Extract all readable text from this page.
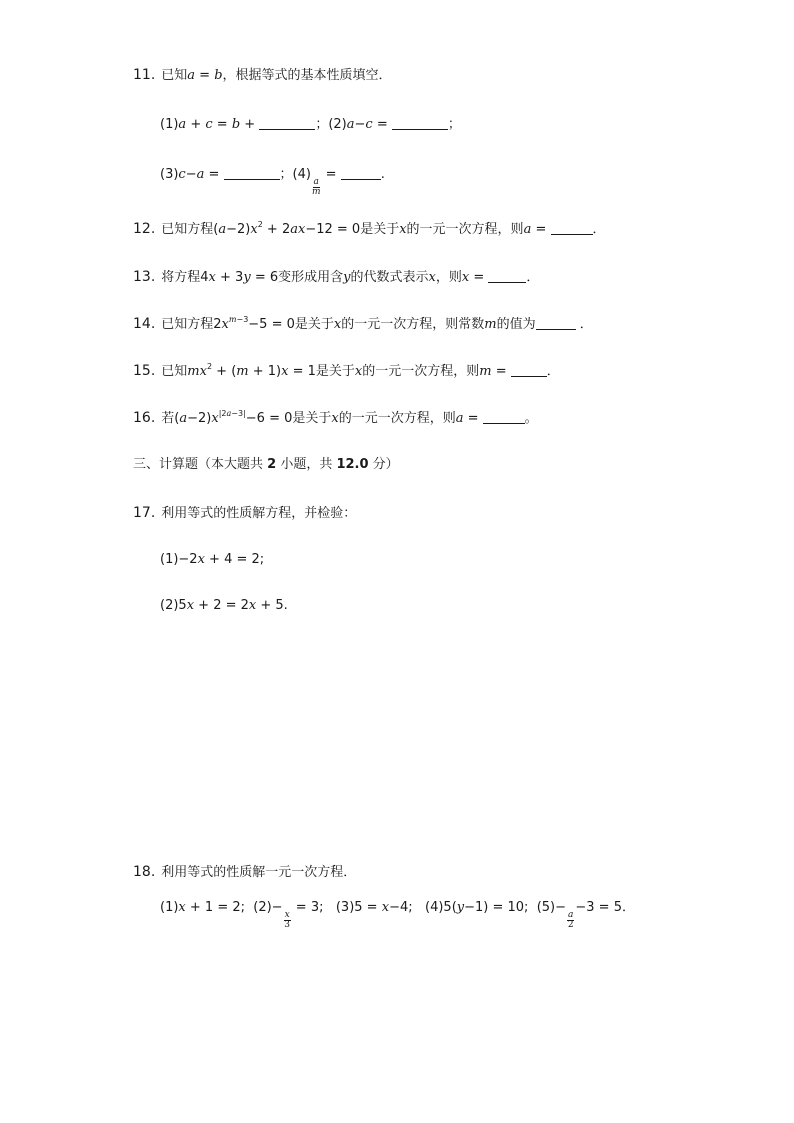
11. 已知a = b，根据等式的基本性质填空．
(1)a + c = b +	；(2)a−c =	；
(3)c−a =	；(4)
$\frac{a}{m}$
=	.
12. 已知方程$(a-2)x^2 + 2ax-12 = 0$是关于x的一元一次方程，则a =	．
13. 将方程4x + 3y = 6变形成用含y的代数式表示x，则x =	．
14. 已知方程$2x^{m-3}-5 = 0$是关于x的一元一次方程，则常数m的值为	．
15. 已知$mx^2 + (m + 1)x = 1$是关于x的一元一次方程，则m =	．
16. 若$(a-2)x^{|2a-3|}-6 = 0$是关于x的一元一次方程，则a =	。
三、计算题（本大题共 2 小题，共 12.0 分）
17. 利用等式的性质解方程，并检验：
(1)−2x + 4 = 2;
(2)5x + 2 = 2x + 5.
18. 利用等式的性质解一元一次方程．
(1)x + 1 = 2;  (2)−
$\frac{x}{3}$
= 3;   (3)5 = x−4;   (4)5(y−1) = 10;  (5)−
$\frac{a}{2}$
−3 = 5．
